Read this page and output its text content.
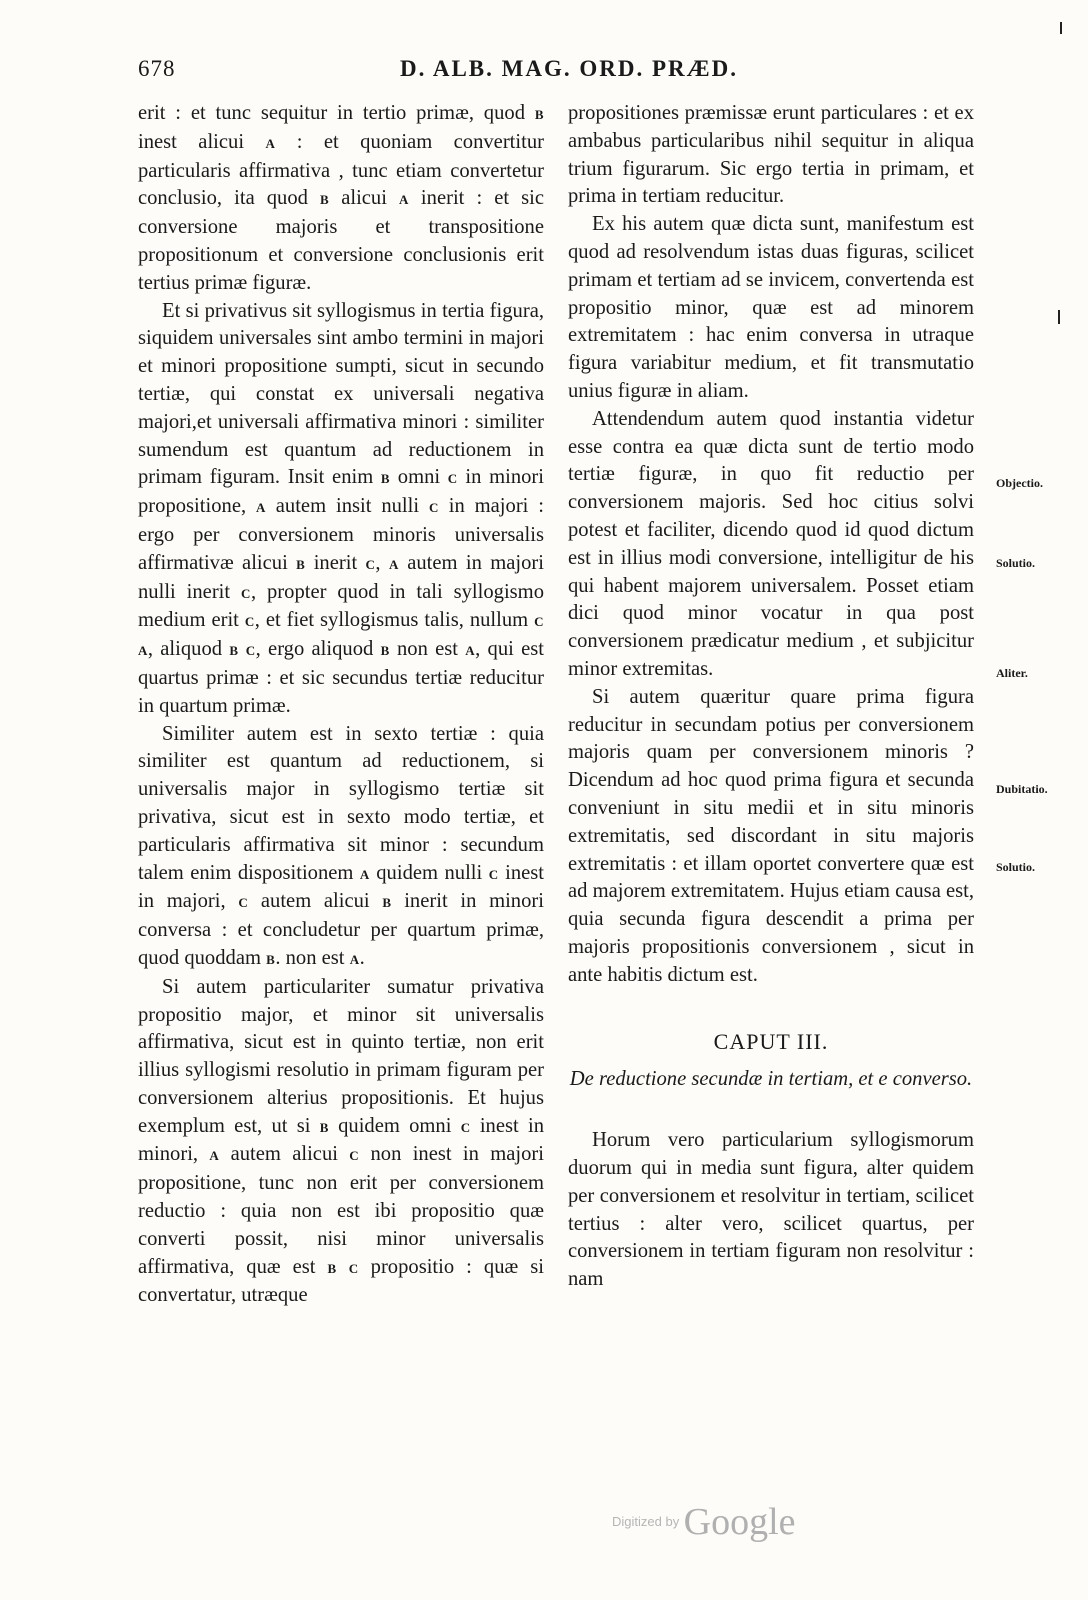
678	D. ALB. MAG. ORD. PRÆD.

erit : et tunc sequitur in tertio primæ, quod B inest alicui A : et quoniam convertitur particularis affirmativa , tunc etiam convertetur conclusio, ita quod B alicui A inerit : et sic conversione majoris et transpositione propositionum et conversione conclusionis erit tertius primæ figuræ.

Et si privativus sit syllogismus in tertia figura, siquidem universales sint ambo termini in majori et minori propositione sumpti, sicut in secundo tertiæ, qui constat ex universali negativa majori,et universali affirmativa minori : similiter sumendum est quantum ad reductionem in primam figuram. Insit enim B omni C in minori propositione, A autem insit nulli C in majori : ergo per conversionem minoris universalis affirmativæ alicui B inerit C, A autem in majori nulli inerit C, propter quod in tali syllogismo medium erit C, et fiet syllogismus talis, nullum C A, aliquod B C, ergo aliquod B non est A, qui est quartus primæ : et sic secundus tertiæ reducitur in quartum primæ.

Similiter autem est in sexto tertiæ : quia similiter est quantum ad reductionem, si universalis major in syllogismo tertiæ sit privativa, sicut est in sexto modo tertiæ, et particularis affirmativa sit minor : secundum talem enim dispositionem A quidem nulli C inest in majori, C autem alicui B inerit in minori conversa : et concludetur per quartum primæ, quod quoddam B. non est A.

Si autem particulariter sumatur privativa propositio major, et minor sit universalis affirmativa, sicut est in quinto tertiæ, non erit illius syllogismi resolutio in primam figuram per conversionem alterius propositionis. Et hujus exemplum est, ut si B quidem omni C inest in minori, A autem alicui C non inest in majori propositione, tunc non erit per conversionem reductio : quia non est ibi propositio quæ converti possit, nisi minor universalis affirmativa, quæ est B C propositio : quæ si convertatur, utræque

propositiones præmissæ erunt particulares : et ex ambabus particularibus nihil sequitur in aliqua trium figurarum. Sic ergo tertia in primam, et prima in tertiam reducitur.

Ex his autem quæ dicta sunt, manifestum est quod ad resolvendum istas duas figuras, scilicet primam et tertiam ad se invicem, convertenda est propositio minor, quæ est ad minorem extremitatem : hac enim conversa in utraque figura variabitur medium, et fit transmutatio unius figuræ in aliam.

Attendendum autem quod instantia videtur esse contra ea quæ dicta sunt de tertio modo tertiæ figuræ, in quo fit reductio per conversionem majoris. Sed hoc citius solvi potest et faciliter, dicendo quod id quod dictum est in illius modi conversione, intelligitur de his qui habent majorem universalem. Posset etiam dici quod minor vocatur in qua post conversionem prædicatur medium , et subjicitur minor extremitas.

Si autem quæritur quare prima figura reducitur in secundam potius per conversionem majoris quam per conversionem minoris ? Dicendum ad hoc quod prima figura et secunda conveniunt in situ medii et in situ minoris extremitatis, sed discordant in situ majoris extremitatis : et illam oportet convertere quæ est ad majorem extremitatem. Hujus etiam causa est, quia secunda figura descendit a prima per majoris propositionis conversionem , sicut in ante habitis dictum est.

CAPUT III.
De reductione secundæ in tertiam, et e converso.

Horum vero particularium syllogismorum duorum qui in media sunt figura, alter quidem per conversionem et resolvitur in tertiam, scilicet tertius : alter vero, scilicet quartus, per conversionem in tertiam figuram non resolvitur : nam

Objectio.
Solutio.
Aliter.
Dubitatio.
Solutio.
$^{Digitized by}$ Google
